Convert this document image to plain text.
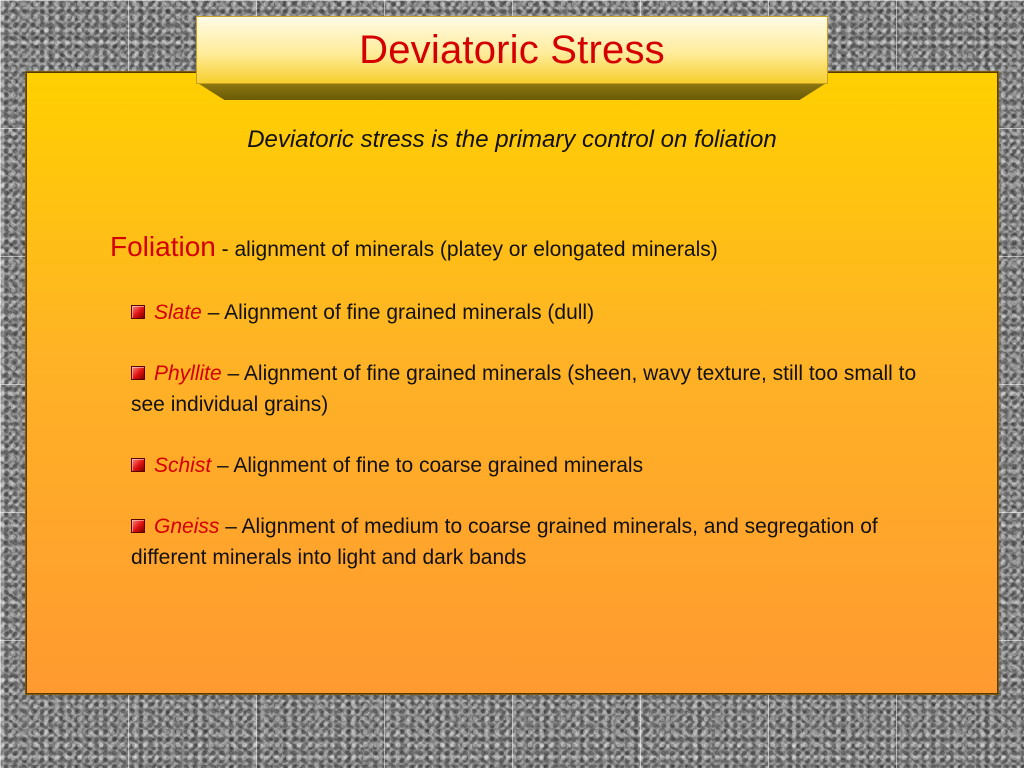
Deviatoric Stress
Deviatoric stress is the primary control on foliation
Foliation - alignment of minerals (platey or elongated minerals)
Slate – Alignment of fine grained minerals (dull)
Phyllite – Alignment of fine grained minerals (sheen, wavy texture, still too small to see individual grains)
Schist – Alignment of fine to coarse grained minerals
Gneiss – Alignment of medium to coarse grained minerals, and segregation of different minerals into light and dark bands
